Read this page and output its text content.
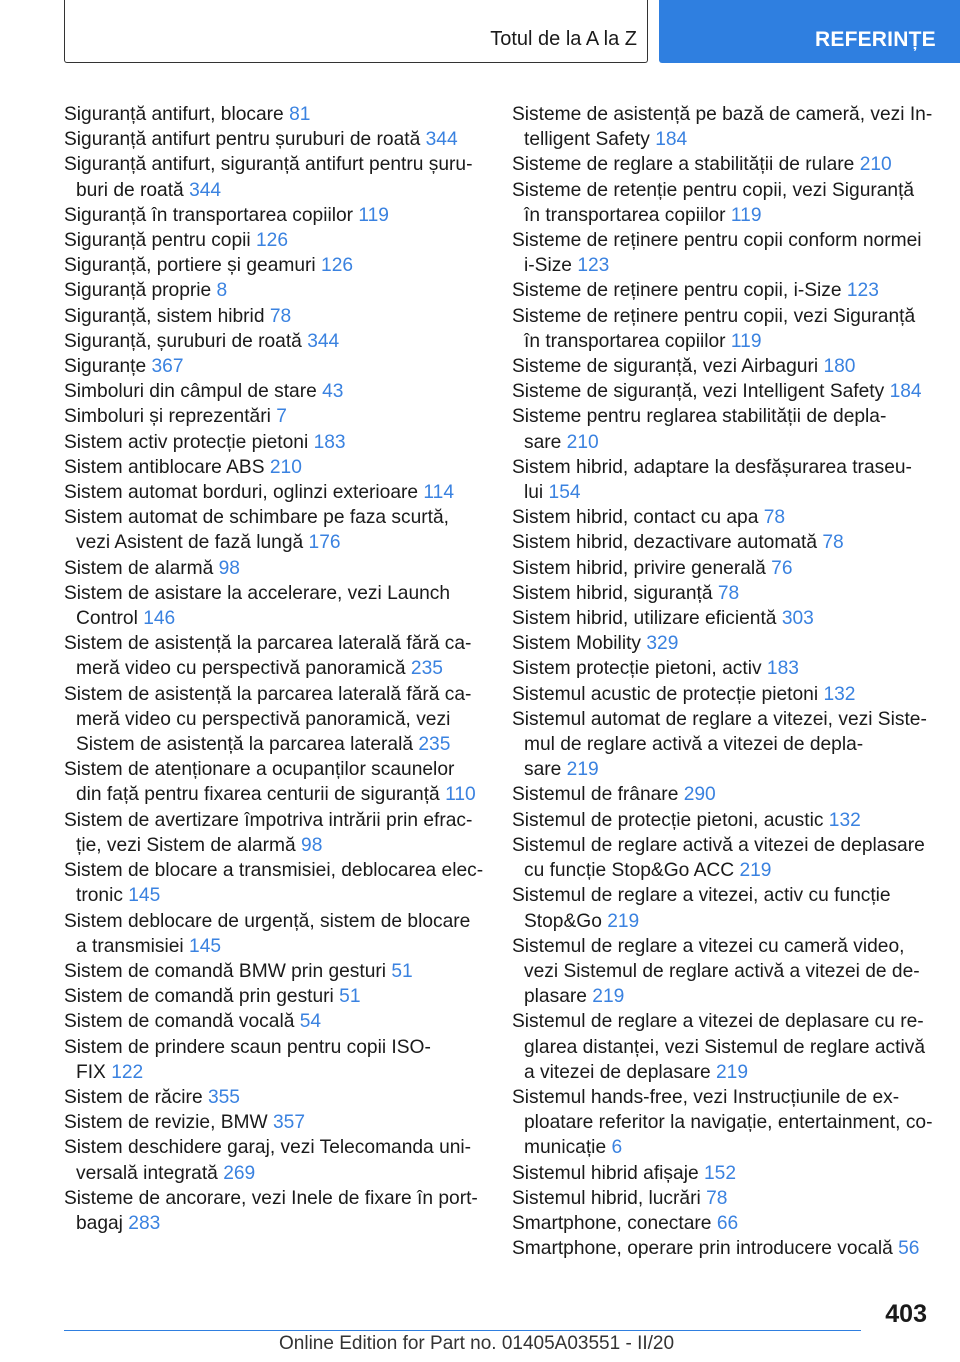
Totul de la A la Z	REFERINȚE
Siguranță antifurt, blocare 81
Siguranță antifurt pentru șuruburi de roată 344
Siguranță antifurt, siguranță antifurt pentru șuru-
buri de roată 344
Siguranță în transportarea copiilor 119
Siguranță pentru copii 126
Siguranță, portiere și geamuri 126
Siguranță proprie 8
Siguranță, sistem hibrid 78
Siguranță, șuruburi de roată 344
Siguranțe 367
Simboluri din câmpul de stare 43
Simboluri și reprezentări 7
Sistem activ protecție pietoni 183
Sistem antiblocare ABS 210
Sistem automat borduri, oglinzi exterioare 114
Sistem automat de schimbare pe faza scurtă,
vezi Asistent de fază lungă 176
Sistem de alarmă 98
Sistem de asistare la accelerare, vezi Launch
Control 146
Sistem de asistență la parcarea laterală fără ca-
meră video cu perspectivă panoramică 235
Sistem de asistență la parcarea laterală fără ca-
meră video cu perspectivă panoramică, vezi
Sistem de asistență la parcarea laterală 235
Sistem de atenționare a ocupanților scaunelor
din față pentru fixarea centurii de siguranță 110
Sistem de avertizare împotriva intrării prin efrac-
ție, vezi Sistem de alarmă 98
Sistem de blocare a transmisiei, deblocarea elec-
tronic 145
Sistem deblocare de urgență, sistem de blocare
a transmisiei 145
Sistem de comandă BMW prin gesturi 51
Sistem de comandă prin gesturi 51
Sistem de comandă vocală 54
Sistem de prindere scaun pentru copii ISO-
FIX 122
Sistem de răcire 355
Sistem de revizie, BMW 357
Sistem deschidere garaj, vezi Telecomanda uni-
versală integrată 269
Sisteme de ancorare, vezi Inele de fixare în port-
bagaj 283
Sisteme de asistență pe bază de cameră, vezi In-
telligent Safety 184
Sisteme de reglare a stabilității de rulare 210
Sisteme de retenție pentru copii, vezi Siguranță
în transportarea copiilor 119
Sisteme de reținere pentru copii conform normei
i-Size 123
Sisteme de reținere pentru copii, i-Size 123
Sisteme de reținere pentru copii, vezi Siguranță
în transportarea copiilor 119
Sisteme de siguranță, vezi Airbaguri 180
Sisteme de siguranță, vezi Intelligent Safety 184
Sisteme pentru reglarea stabilității de depla-
sare 210
Sistem hibrid, adaptare la desfășurarea traseu-
lui 154
Sistem hibrid, contact cu apa 78
Sistem hibrid, dezactivare automată 78
Sistem hibrid, privire generală 76
Sistem hibrid, siguranță 78
Sistem hibrid, utilizare eficientă 303
Sistem Mobility 329
Sistem protecție pietoni, activ 183
Sistemul acustic de protecție pietoni 132
Sistemul automat de reglare a vitezei, vezi Siste-
mul de reglare activă a vitezei de depla-
sare 219
Sistemul de frânare 290
Sistemul de protecție pietoni, acustic 132
Sistemul de reglare activă a vitezei de deplasare
cu funcție Stop&Go ACC 219
Sistemul de reglare a vitezei, activ cu funcție
Stop&Go 219
Sistemul de reglare a vitezei cu cameră video,
vezi Sistemul de reglare activă a vitezei de de-
plasare 219
Sistemul de reglare a vitezei de deplasare cu re-
glarea distanței, vezi Sistemul de reglare activă
a vitezei de deplasare 219
Sistemul hands-free, vezi Instrucțiunile de ex-
ploatare referitor la navigație, entertainment, co-
municație 6
Sistemul hibrid afișaje 152
Sistemul hibrid, lucrări 78
Smartphone, conectare 66
Smartphone, operare prin introducere vocală 56
403
Online Edition for Part no. 01405A03551 - II/20
